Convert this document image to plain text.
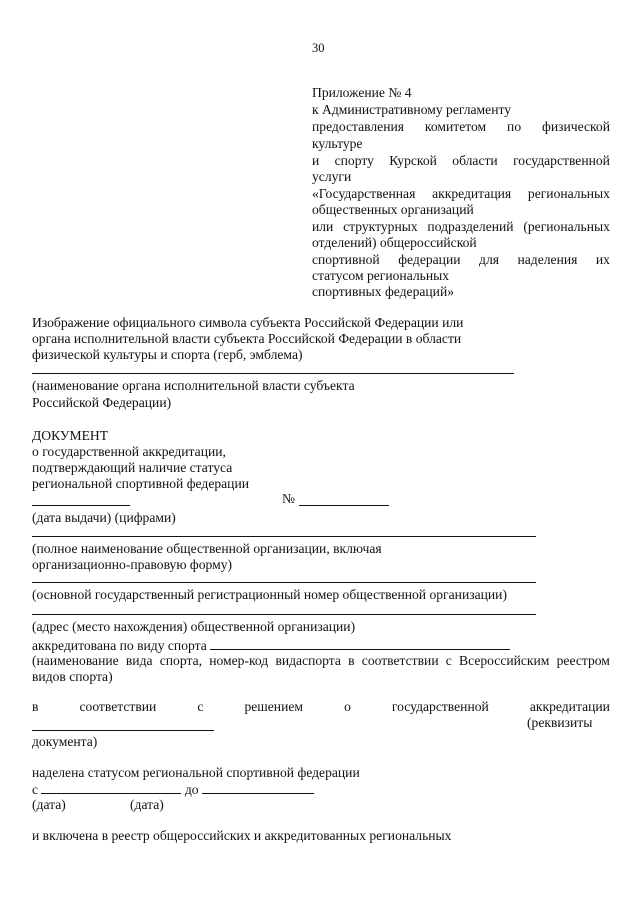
30
Приложение № 4
к Административному регламенту
предоставления комитетом по физической
культуре
и спорту Курской области государственной
услуги
«Государственная аккредитация региональных
общественных организаций
или структурных подразделений (региональных
отделений) общероссийской
спортивной федерации для наделения их
статусом региональных
спортивных федераций»
Изображение официального символа субъекта Российской Федерации или
органа исполнительной власти субъекта Российской Федерации в области
физической культуры и спорта (герб, эмблема)
(наименование органа исполнительной власти субъекта
Российской Федерации)
ДОКУМЕНТ
о государственной аккредитации,
подтверждающий наличие статуса
региональной спортивной федерации
№
(дата выдачи) (цифрами)
(полное наименование общественной организации, включая
организационно-правовую форму)
(основной государственный регистрационный номер общественной организации)
(адрес (место нахождения) общественной организации)
аккредитована по виду спорта
(наименование вида спорта, номер-код видаспорта в соответствии с Всероссийским реестром
видов спорта)
в	соответствии	с	решением	о	государственной	аккредитации
(реквизиты
документа)
наделена статусом региональной спортивной федерации
с	до
(дата)	(дата)
и включена в реестр общероссийских и аккредитованных региональных
